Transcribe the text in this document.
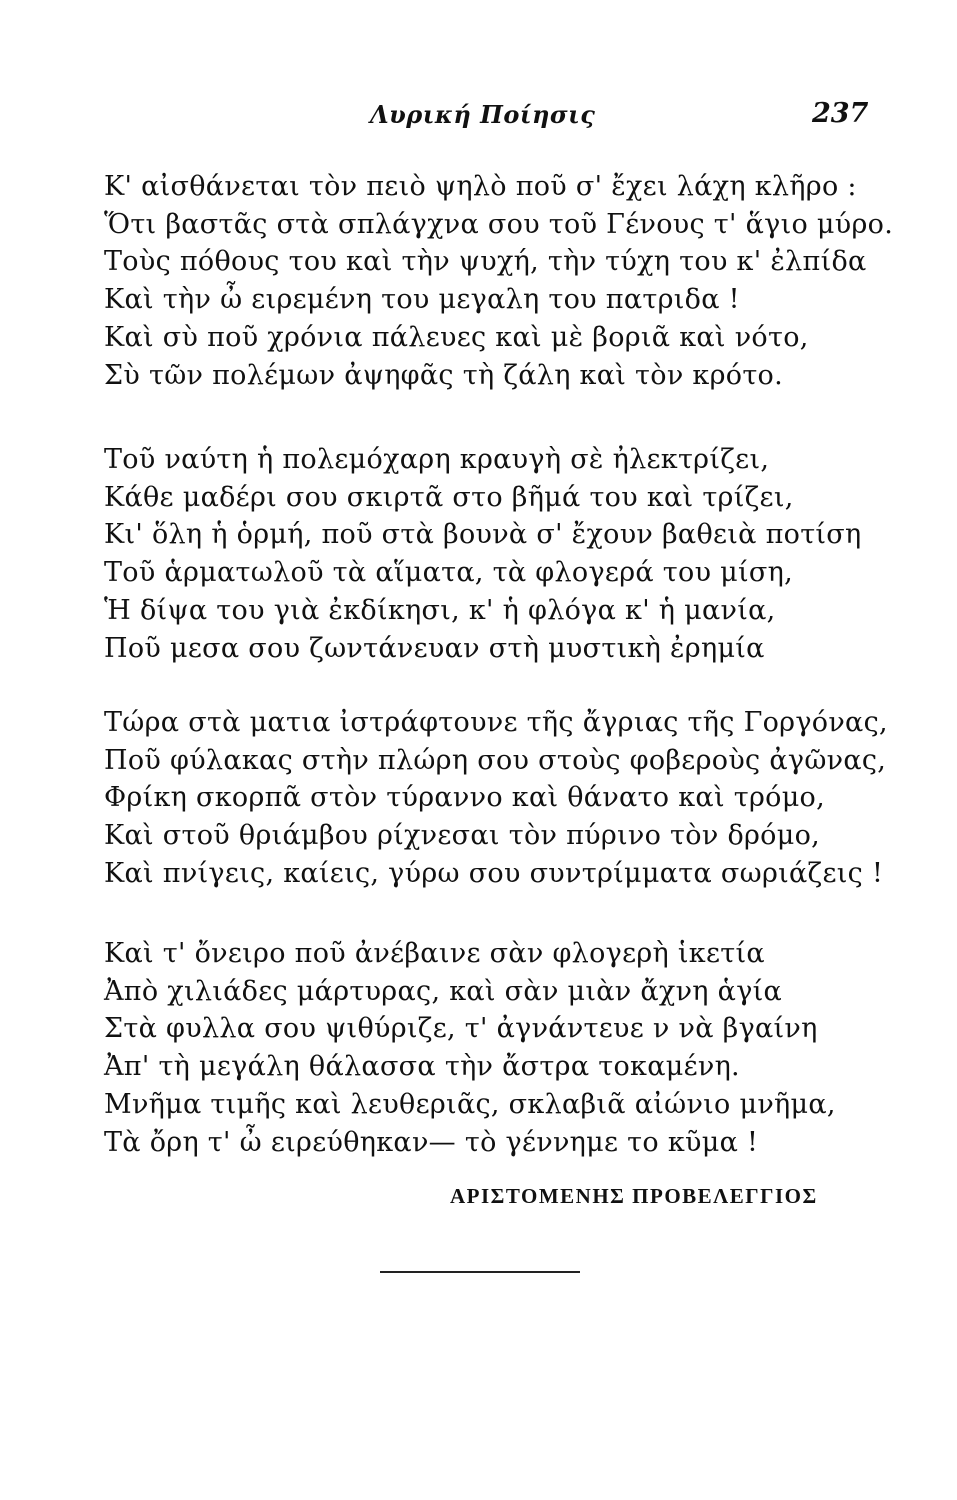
Λυρική Ποίησις	237
Κ' αἰσθάνεται τὸν πειὸ ψηλὸ ποῦ σ' ἔχει λάχη κλῆρο :
Ὅτι βαστᾶς στὰ σπλάγχνα σου τοῦ Γένους τ' ἅγιο μύρο.
Τοὺς πόθους του καὶ τὴν ψυχή, τὴν τύχη του κ' ἐλπίδα
Καὶ τὴν ὦ ειρεμένη του μεγαλη του πατριδα !
Καὶ σὺ ποῦ χρόνια πάλευες καὶ μὲ βοριᾶ καὶ νότο,
Σὺ τῶν πολέμων ἀψηφᾶς τὴ ζάλη καὶ τὸν κρότο.
Τοῦ ναύτη ἡ πολεμόχαρη κραυγὴ σὲ ἠλεκτρίζει,
Κάθε μαδέρι σου σκιρτᾶ στο βῆμά του καὶ τρίζει,
Κι' ὅλη ἡ ὁρμή, ποῦ στὰ βουνὰ σ' ἔχουν βαθειὰ ποτίση
Τοῦ ἁρματωλοῦ τὰ αἵματα, τὰ φλογερά του μίση,
Ἡ δίψα του γιὰ ἐκδίκησι, κ' ἡ φλόγα κ' ἡ μανία,
Ποῦ μεσα σου ζωντάνευαν στὴ μυστικὴ ἐρημία
Τώρα στὰ ματια ἰστράφτουνε τῆς ἄγριας τῆς Γοργόνας,
Ποῦ φύλακας στὴν πλώρη σου στοὺς φοβεροὺς ἀγῶνας,
Φρίκη σκορπᾶ στὸν τύραννο καὶ θάνατο καὶ τρόμο,
Καὶ στοῦ θριάμβου ρίχνεσαι τὸν πύρινο τὸν δρόμο,
Καὶ πνίγεις, καίεις, γύρω σου συντρίμματα σωριάζεις !
Καὶ τ' ὄνειρο ποῦ ἀνέβαινε σὰν φλογερὴ ἱκετία
Ἀπὸ χιλιάδες μάρτυρας, καὶ σὰν μιὰν ἄχνη ἁγία
Στὰ φυλλα σου ψιθύριζε, τ' ἀγνάντευε ν νὰ βγαίνη
Ἀπ' τὴ μεγάλη θάλασσα τὴν ἄστρα τοκαμένη.
Μνῆμα τιμῆς καὶ λευθεριᾶς, σκλαβιᾶ αἰώνιο μνῆμα,
Τὰ ὄρη τ' ὦ ειρεύθηκαν— τὸ γέννημε το κῦμα !
ΑΡΙΣΤΟΜΕΝΗΣ ΠΡΟΒΕΛΕΓΓΙΟΣ
